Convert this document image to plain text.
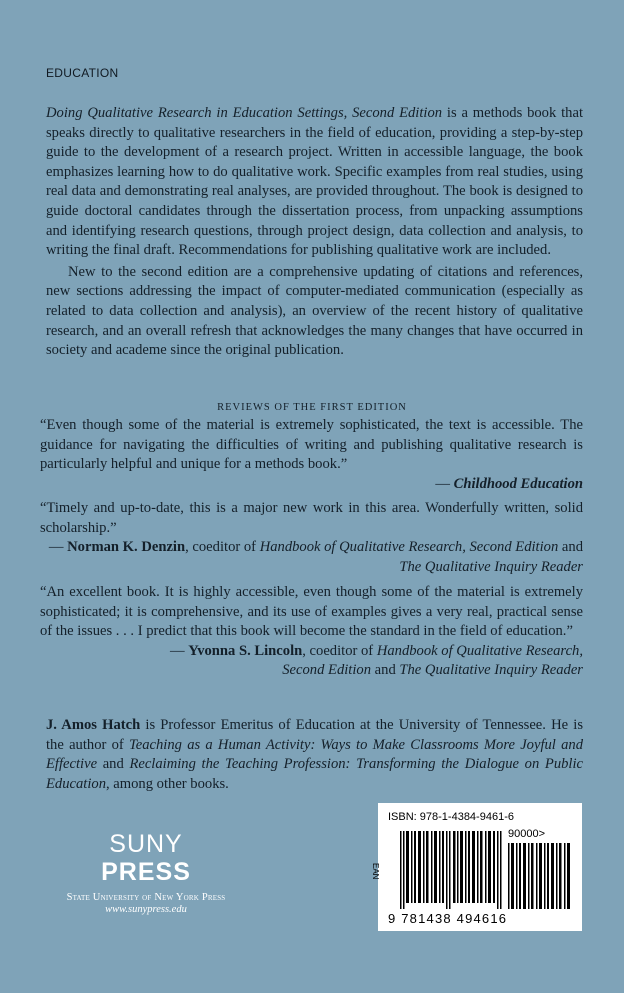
EDUCATION

Doing Qualitative Research in Education Settings, Second Edition is a methods book that speaks directly to qualitative researchers in the field of education, providing a step-by-step guide to the development of a research project. Written in accessible language, the book emphasizes learning how to do qualitative work. Specific examples from real studies, using real data and demonstrating real analyses, are provided throughout. The book is designed to guide doctoral candidates through the dissertation process, from unpacking assumptions and identifying research questions, through project design, data collection and analysis, to writing the final draft. Recommendations for publishing qualitative work are included.

New to the second edition are a comprehensive updating of citations and references, new sections addressing the impact of computer-mediated communication (especially as related to data collection and analysis), an overview of the recent history of qualitative research, and an overall refresh that acknowledges the many changes that have occurred in society and academe since the original publication.

REVIEWS OF THE FIRST EDITION

“Even though some of the material is extremely sophisticated, the text is accessible. The guidance for navigating the difficulties of writing and publishing qualitative research is particularly helpful and unique for a methods book.”

— Childhood Education

“Timely and up-to-date, this is a major new work in this area. Wonderfully written, solid scholarship.”

— Norman K. Denzin, coeditor of Handbook of Qualitative Research, Second Edition and The Qualitative Inquiry Reader

“An excellent book. It is highly accessible, even though some of the material is extremely sophisticated; it is comprehensive, and its use of examples gives a very real, practical sense of the issues . . . I predict that this book will become the standard in the field of education.”

— Yvonna S. Lincoln, coeditor of Handbook of Qualitative Research,

Second Edition and The Qualitative Inquiry Reader

J. Amos Hatch is Professor Emeritus of Education at the University of Tennessee. He is the author of Teaching as a Human Activity: Ways to Make Classrooms More Joyful and Effective and Reclaiming the Teaching Profession: Transforming the Dialogue on Public Education, among other books.

SUNY
PRESS
State University of New York Press
www.sunypress.edu
ISBN: 978-1-4384-9461-6
EAN
90000>
9 781438 494616
